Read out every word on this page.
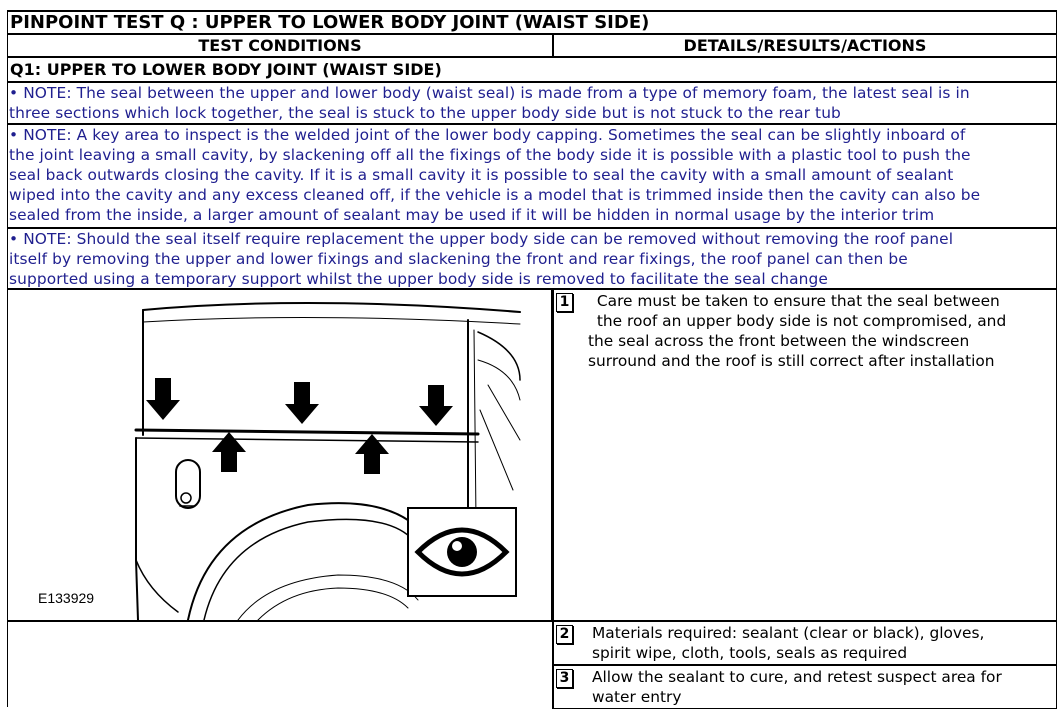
PINPOINT TEST Q : UPPER TO LOWER BODY JOINT (WAIST SIDE)
TEST CONDITIONS	DETAILS/RESULTS/ACTIONS
Q1: UPPER TO LOWER BODY JOINT (WAIST SIDE)
• NOTE: The seal between the upper and lower body (waist seal) is made from a type of memory foam, the latest seal is in
three sections which lock together, the seal is stuck to the upper body side but is not stuck to the rear tub
• NOTE: A key area to inspect is the welded joint of the lower body capping. Sometimes the seal can be slightly inboard of
the joint leaving a small cavity, by slackening off all the fixings of the body side it is possible with a plastic tool to push the
seal back outwards closing the cavity. If it is a small cavity it is possible to seal the cavity with a small amount of sealant
wiped into the cavity and any excess cleaned off, if the vehicle is a model that is trimmed inside then the cavity can also be
sealed from the inside, a larger amount of sealant may be used if it will be hidden in normal usage by the interior trim
• NOTE: Should the seal itself require replacement the upper body side can be removed without removing the roof panel
itself by removing the upper and lower fixings and slackening the front and rear fixings, the roof panel can then be
supported using a temporary support whilst the upper body side is removed to facilitate the seal change
E133929
1 Care must be taken to ensure that the seal between
the roof an upper body side is not compromised, and
the seal across the front between the windscreen
surround and the roof is still correct after installation
2 Materials required: sealant (clear or black), gloves,
spirit wipe, cloth, tools, seals as required
3 Allow the sealant to cure, and retest suspect area for
water entry
